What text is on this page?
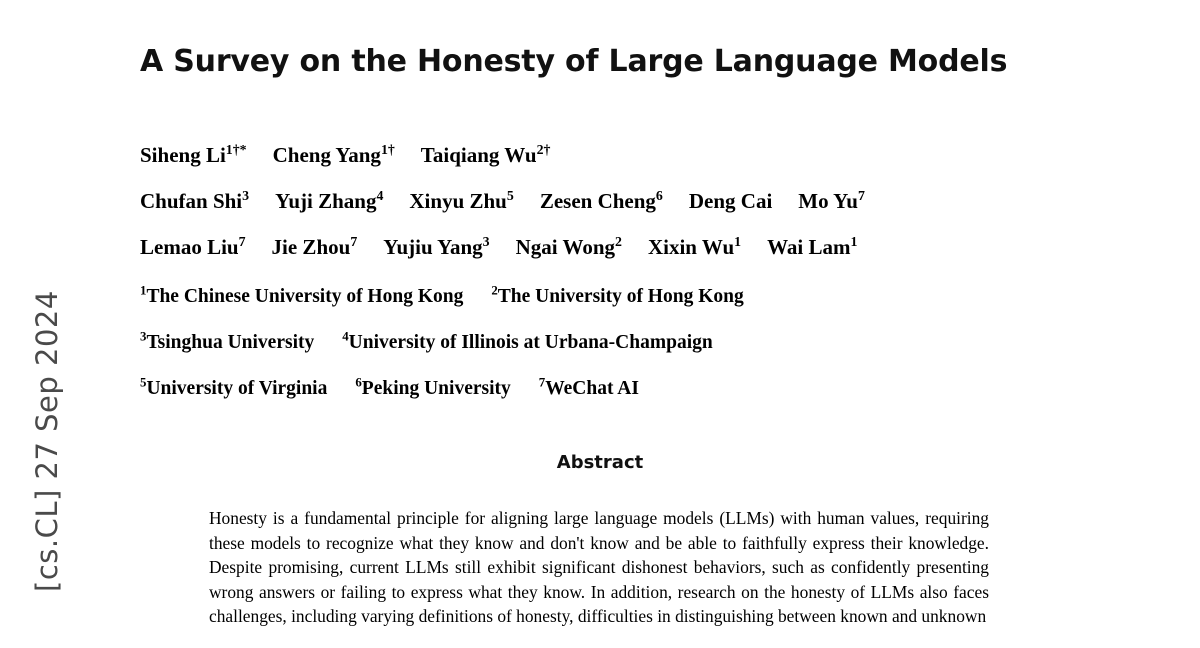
[cs.CL] 27 Sep 2024
A Survey on the Honesty of Large Language Models
Siheng $Li^{1\dagger*}$ Cheng Yang$^{1\dagger}$ Taiqiang $Wu^{2\dagger}$
Chufan Shi$^3$ Yuji Zhang$^4$ Xinyu Zhu$^5$ Zesen Cheng$^6$ Deng Cai Mo Yu$^7$
Lemao Liu$^7$ Jie Zhou$^7$ Yujiu Yang$^3$ Ngai Wong$^2$ Xixin Wu$^1$ Wai Lam$^1$
$^1$The Chinese University of Hong Kong $^2$The University of Hong Kong
$^3$Tsinghua University $^4$University of Illinois at Urbana-Champaign
$^5$University of Virginia $^6$Peking University $^7$WeChat AI
Abstract

Honesty is a fundamental principle for aligning large language models (LLMs) with human values, requiring these models to recognize what they know and don't know and be able to faithfully express their knowledge. Despite promising, current LLMs still exhibit significant dishonest behaviors, such as confidently presenting wrong answers or failing to express what they know. In addition, research on the honesty of LLMs also faces challenges, including varying definitions of honesty, difficulties in distinguishing between known and unknown
